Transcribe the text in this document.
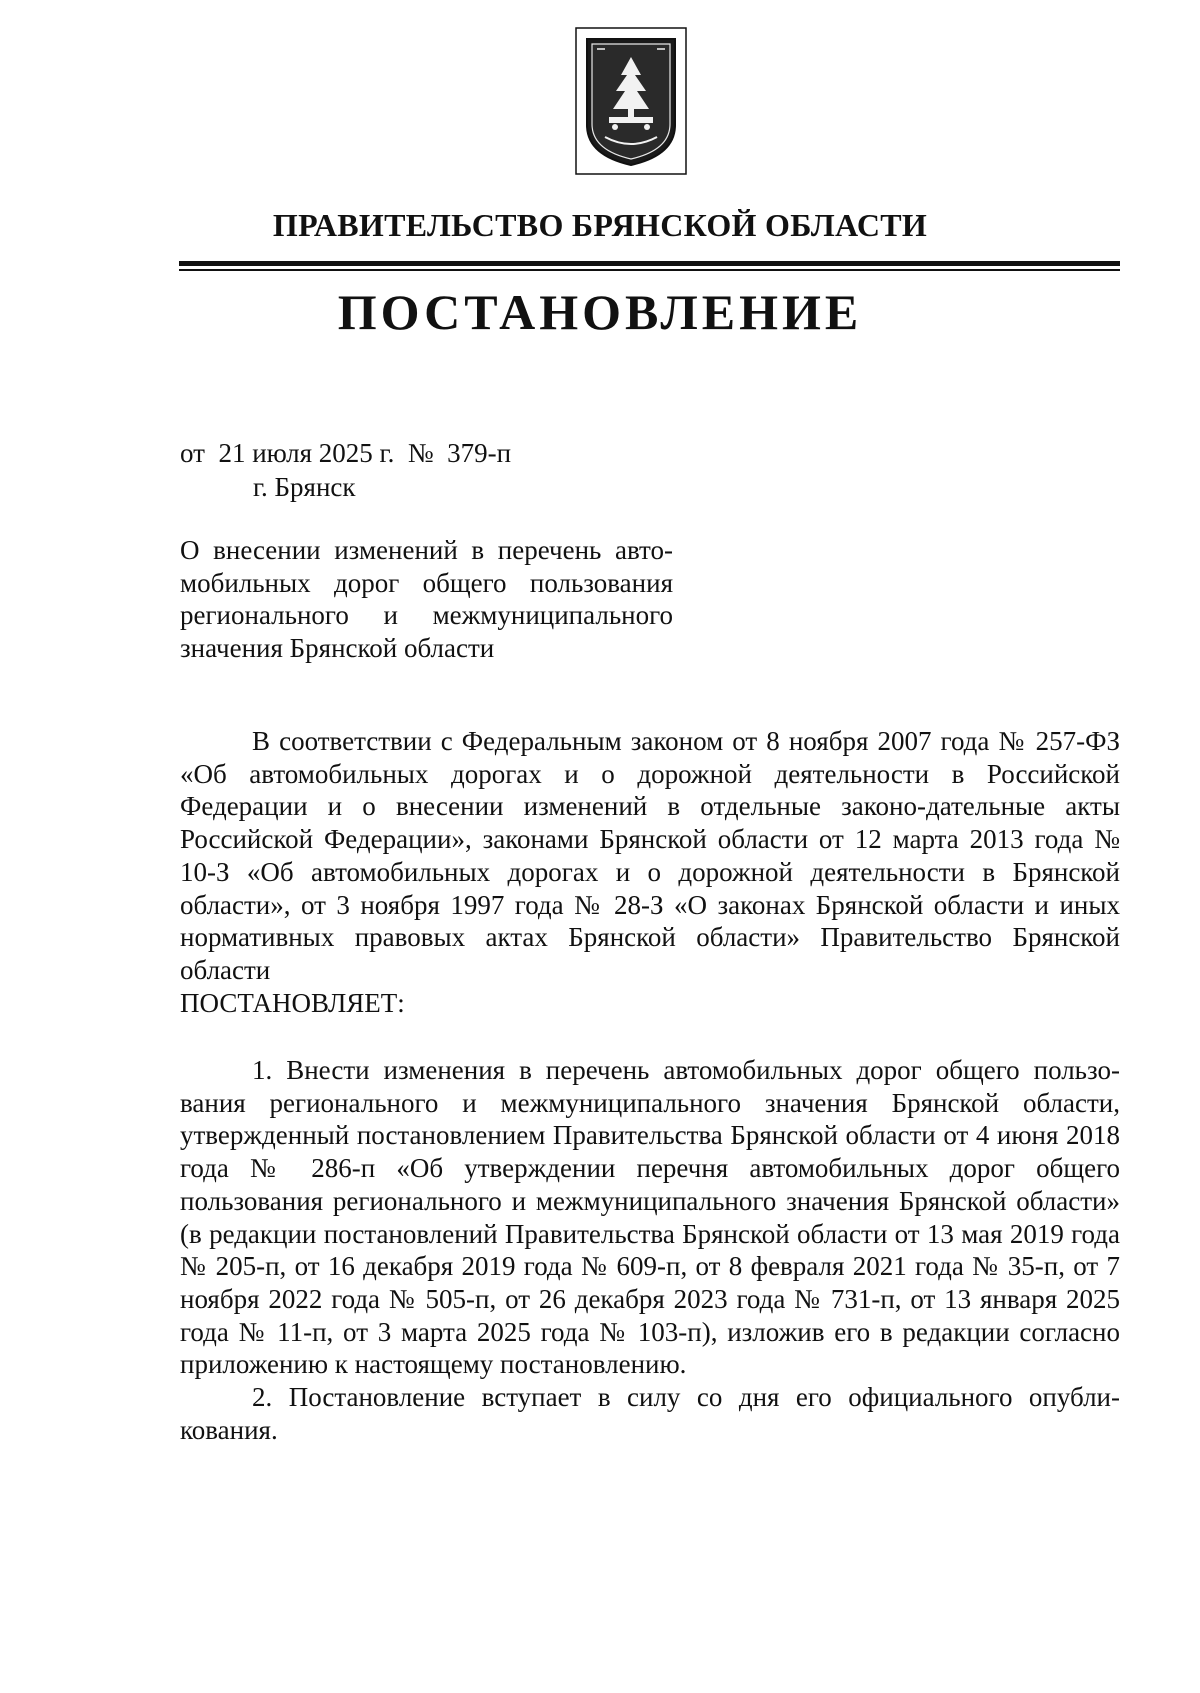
ПРАВИТЕЛЬСТВО БРЯНСКОЙ ОБЛАСТИ
ПОСТАНОВЛЕНИЕ
от  21 июля 2025 г.  №  379-п
г. Брянск

О внесении изменений в перечень авто-мобильных дорог общего пользования регионального и межмуниципального значения Брянской области

В соответствии с Федеральным законом от 8 ноября 2007 года № 257-ФЗ «Об автомобильных дорогах и о дорожной деятельности в Российской Федерации и о внесении изменений в отдельные законо-дательные акты Российской Федерации», законами Брянской области от 12 марта 2013 года № 10-З «Об автомобильных дорогах и о дорожной деятельности в Брянской области», от 3 ноября 1997 года № 28-З «О законах Брянской области и иных нормативных правовых актах Брянской области» Правительство Брянской области

ПОСТАНОВЛЯЕТ:

1. Внести изменения в перечень автомобильных дорог общего пользо-вания регионального и межмуниципального значения Брянской области, утвержденный постановлением Правительства Брянской области от 4 июня 2018 года № 286-п «Об утверждении перечня автомобильных дорог общего пользования регионального и межмуниципального значения Брянской области» (в редакции постановлений Правительства Брянской области от 13 мая 2019 года № 205-п, от 16 декабря 2019 года № 609-п, от 8 февраля 2021 года № 35-п, от 7 ноября 2022 года № 505-п, от 26 декабря 2023 года № 731-п, от 13 января 2025 года № 11-п, от 3 марта 2025 года № 103-п), изложив его в редакции согласно приложению к настоящему постановлению.

2. Постановление вступает в силу со дня его официального опубли-кования.
